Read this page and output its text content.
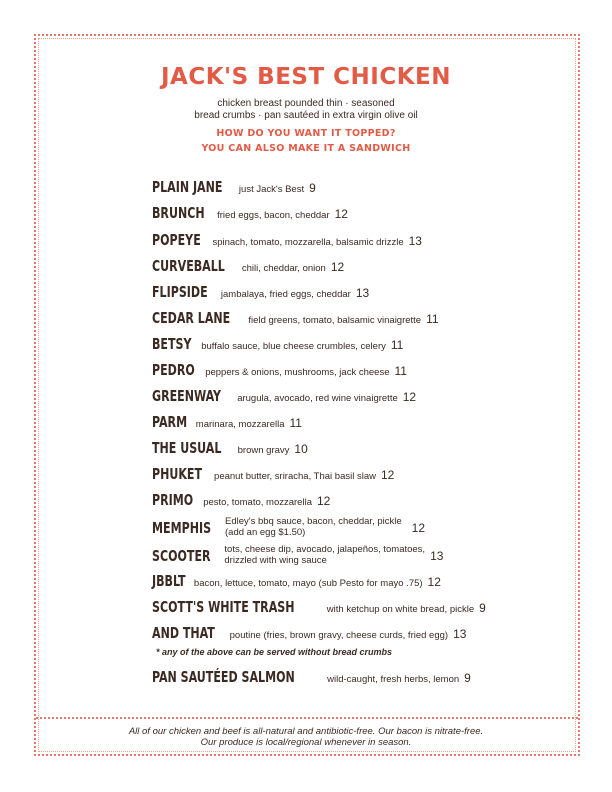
JACK'S BEST CHICKEN
chicken breast pounded thin · seasoned
bread crumbs · pan sautéed in extra virgin olive oil
HOW DO YOU WANT IT TOPPED?
YOU CAN ALSO MAKE IT A SANDWICH
PLAIN JANE just Jack's Best 9
BRUNCH fried eggs, bacon, cheddar 12
POPEYE spinach, tomato, mozzarella, balsamic drizzle 13
CURVEBALL chili, cheddar, onion 12
FLIPSIDE jambalaya, fried eggs, cheddar 13
CEDAR LANE field greens, tomato, balsamic vinaigrette 11
BETSY buffalo sauce, blue cheese crumbles, celery 11
PEDRO peppers & onions, mushrooms, jack cheese 11
GREENWAY arugula, avocado, red wine vinaigrette 12
PARM marinara, mozzarella 11
THE USUAL brown gravy 10
PHUKET peanut butter, sriracha, Thai basil slaw 12
PRIMO pesto, tomato, mozzarella 12
MEMPHIS Edley's bbq sauce, bacon, cheddar, pickle
(add an egg $1.50)	12
SCOOTER tots, cheese dip, avocado, jalapeños, tomatoes,
drizzled with wing sauce	13
JBBLT bacon, lettuce, tomato, mayo (sub Pesto for mayo .75) 12
SCOTT'S WHITE TRASH	with ketchup on white bread, pickle 9
AND THAT poutine (fries, brown gravy, cheese curds, fried egg) 13
* any of the above can be served without bread crumbs
PAN SAUTÉED SALMON	wild-caught, fresh herbs, lemon 9
All of our chicken and beef is all-natural and antibiotic-free. Our bacon is nitrate-free.
Our produce is local/regional whenever in season.
